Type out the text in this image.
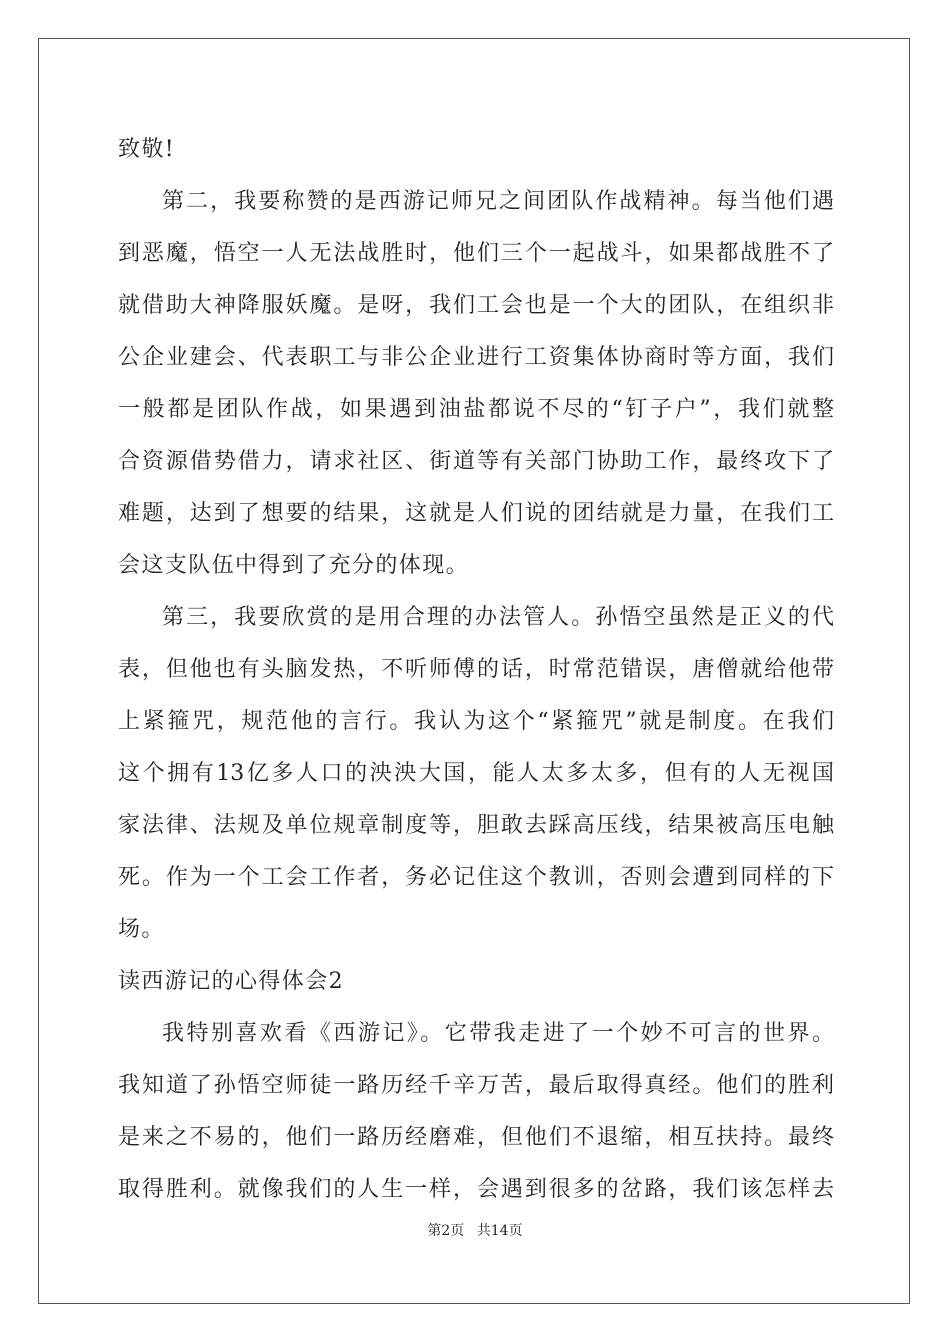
致敬!
第二，我要称赞的是西游记师兄之间团队作战精神。每当他们遇
到恶魔，悟空一人无法战胜时，他们三个一起战斗，如果都战胜不了
就借助大神降服妖魔。是呀，我们工会也是一个大的团队，在组织非
公企业建会、代表职工与非公企业进行工资集体协商时等方面，我们
一般都是团队作战，如果遇到油盐都说不尽的“钉子户”，我们就整
合资源借势借力，请求社区、街道等有关部门协助工作，最终攻下了
难题，达到了想要的结果，这就是人们说的团结就是力量，在我们工
会这支队伍中得到了充分的体现。
第三，我要欣赏的是用合理的办法管人。孙悟空虽然是正义的代
表，但他也有头脑发热，不听师傅的话，时常范错误，唐僧就给他带
上紧箍咒，规范他的言行。我认为这个“紧箍咒”就是制度。在我们
这个拥有13亿多人口的泱泱大国，能人太多太多，但有的人无视国
家法律、法规及单位规章制度等，胆敢去踩高压线，结果被高压电触
死。作为一个工会工作者，务必记住这个教训，否则会遭到同样的下
场。
读西游记的心得体会2
我特别喜欢看《西游记》。它带我走进了一个妙不可言的世界。
我知道了孙悟空师徒一路历经千辛万苦，最后取得真经。他们的胜利
是来之不易的，他们一路历经磨难，但他们不退缩，相互扶持。最终
取得胜利。就像我们的人生一样，会遇到很多的岔路，我们该怎样去
第2页 共14页
